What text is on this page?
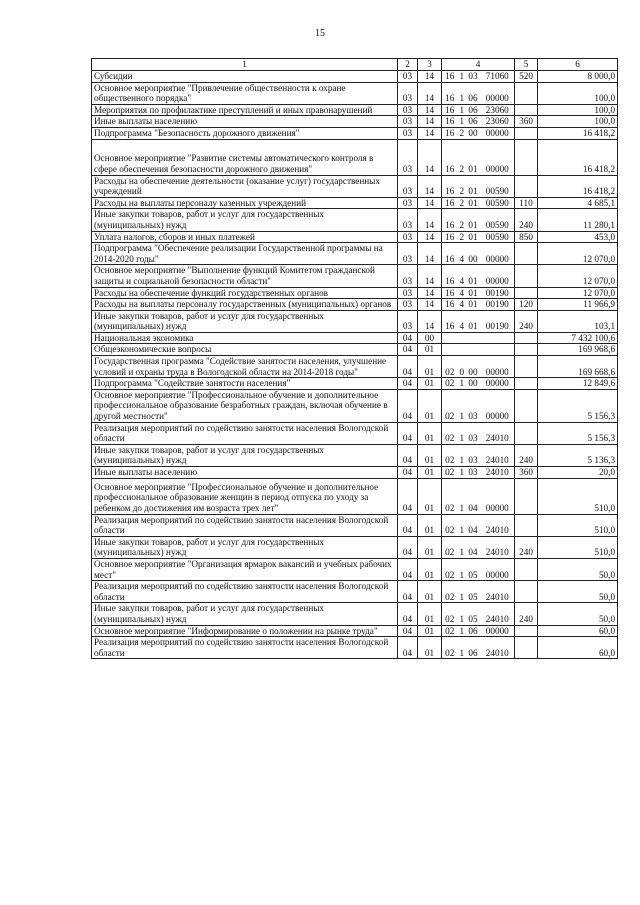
15
1	2	3	4				5	6
Субсидии	03	14	16	1	03	71060	520	8 000,0
Основное мероприятие "Привлечение общественности к охране общественного порядка"	03	14	16	1	06	00000		100,0
Мероприятия по профилактике преступлений и иных правонарушений	03	14	16	1	06	23060		100,0
Иные выплаты населению	03	14	16	1	06	23060	360	100,0
Подпрограмма "Безопасность дорожного движения"	03	14	16	2	00	00000		16 418,2
Основное мероприятие "Развитие системы автоматического контроля в сфере обеспечения безопасности дорожного движения"	03	14	16	2	01	00000		16 418,2
Расходы на обеспечение деятельности (оказание услуг) государственных учреждений	03	14	16	2	01	00590		16 418,2
Расходы на выплаты персоналу казенных учреждений	03	14	16	2	01	00590	110	4 685,1
Иные закупки товаров, работ и услуг для государственных (муниципальных) нужд	03	14	16	2	01	00590	240	11 280,1
Уплата налогов, сборов и иных платежей	03	14	16	2	01	00590	850	453,0
Подпрограмма "Обеспечение реализации Государственной программы на 2014-2020 годы"	03	14	16	4	00	00000		12 070,0
Основное мероприятие "Выполнение функций Комитетом гражданской защиты и социальной безопасности области"	03	14	16	4	01	00000		12 070,0
Расходы на обеспечение функций государственных органов	03	14	16	4	01	00190		12 070,0
Расходы на выплаты персоналу государственных (муниципальных) органов	03	14	16	4	01	00190	120	11 966,9
Иные закупки товаров, работ и услуг для государственных (муниципальных) нужд	03	14	16	4	01	00190	240	103,1
Национальная экономика	04	00						7 432 100,6
Общеэкономические вопросы	04	01						169 968,6
Государственная программа "Содействие занятости населения, улучшение условий и охраны труда в Вологодской области на 2014-2018 годы"	04	01	02	0	00	00000		169 668,6
Подпрограмма "Содействие занятости населения"	04	01	02	1	00	00000		12 849,6
Основное мероприятие "Профессиональное обучение и дополнительное профессиональное образование безработных граждан, включая обучение в другой местности"	04	01	02	1	03	00000		5 156,3
Реализация мероприятий по содействию занятости населения Вологодской области	04	01	02	1	03	24010		5 156,3
Иные закупки товаров, работ и услуг для государственных (муниципальных) нужд	04	01	02	1	03	24010	240	5 136,3
Иные выплаты населению	04	01	02	1	03	24010	360	20,0
Основное мероприятие "Профессиональное обучение и дополнительное профессиональное образование женщин в период отпуска по уходу за ребенком до достижения им возраста трех лет"	04	01	02	1	04	00000		510,0
Реализация мероприятий по содействию занятости населения Вологодской области	04	01	02	1	04	24010		510,0
Иные закупки товаров, работ и услуг для государственных (муниципальных) нужд	04	01	02	1	04	24010	240	510,0
Основное мероприятие "Организация ярмарок вакансий и учебных рабочих мест"	04	01	02	1	05	00000		50,0
Реализация мероприятий по содействию занятости населения Вологодской области	04	01	02	1	05	24010		50,0
Иные закупки товаров, работ и услуг для государственных (муниципальных) нужд	04	01	02	1	05	24010	240	50,0
Основное мероприятие "Информирование о положении на рынке труда"	04	01	02	1	06	00000		60,0
Реализация мероприятий по содействию занятости населения Вологодской области	04	01	02	1	06	24010		60,0
